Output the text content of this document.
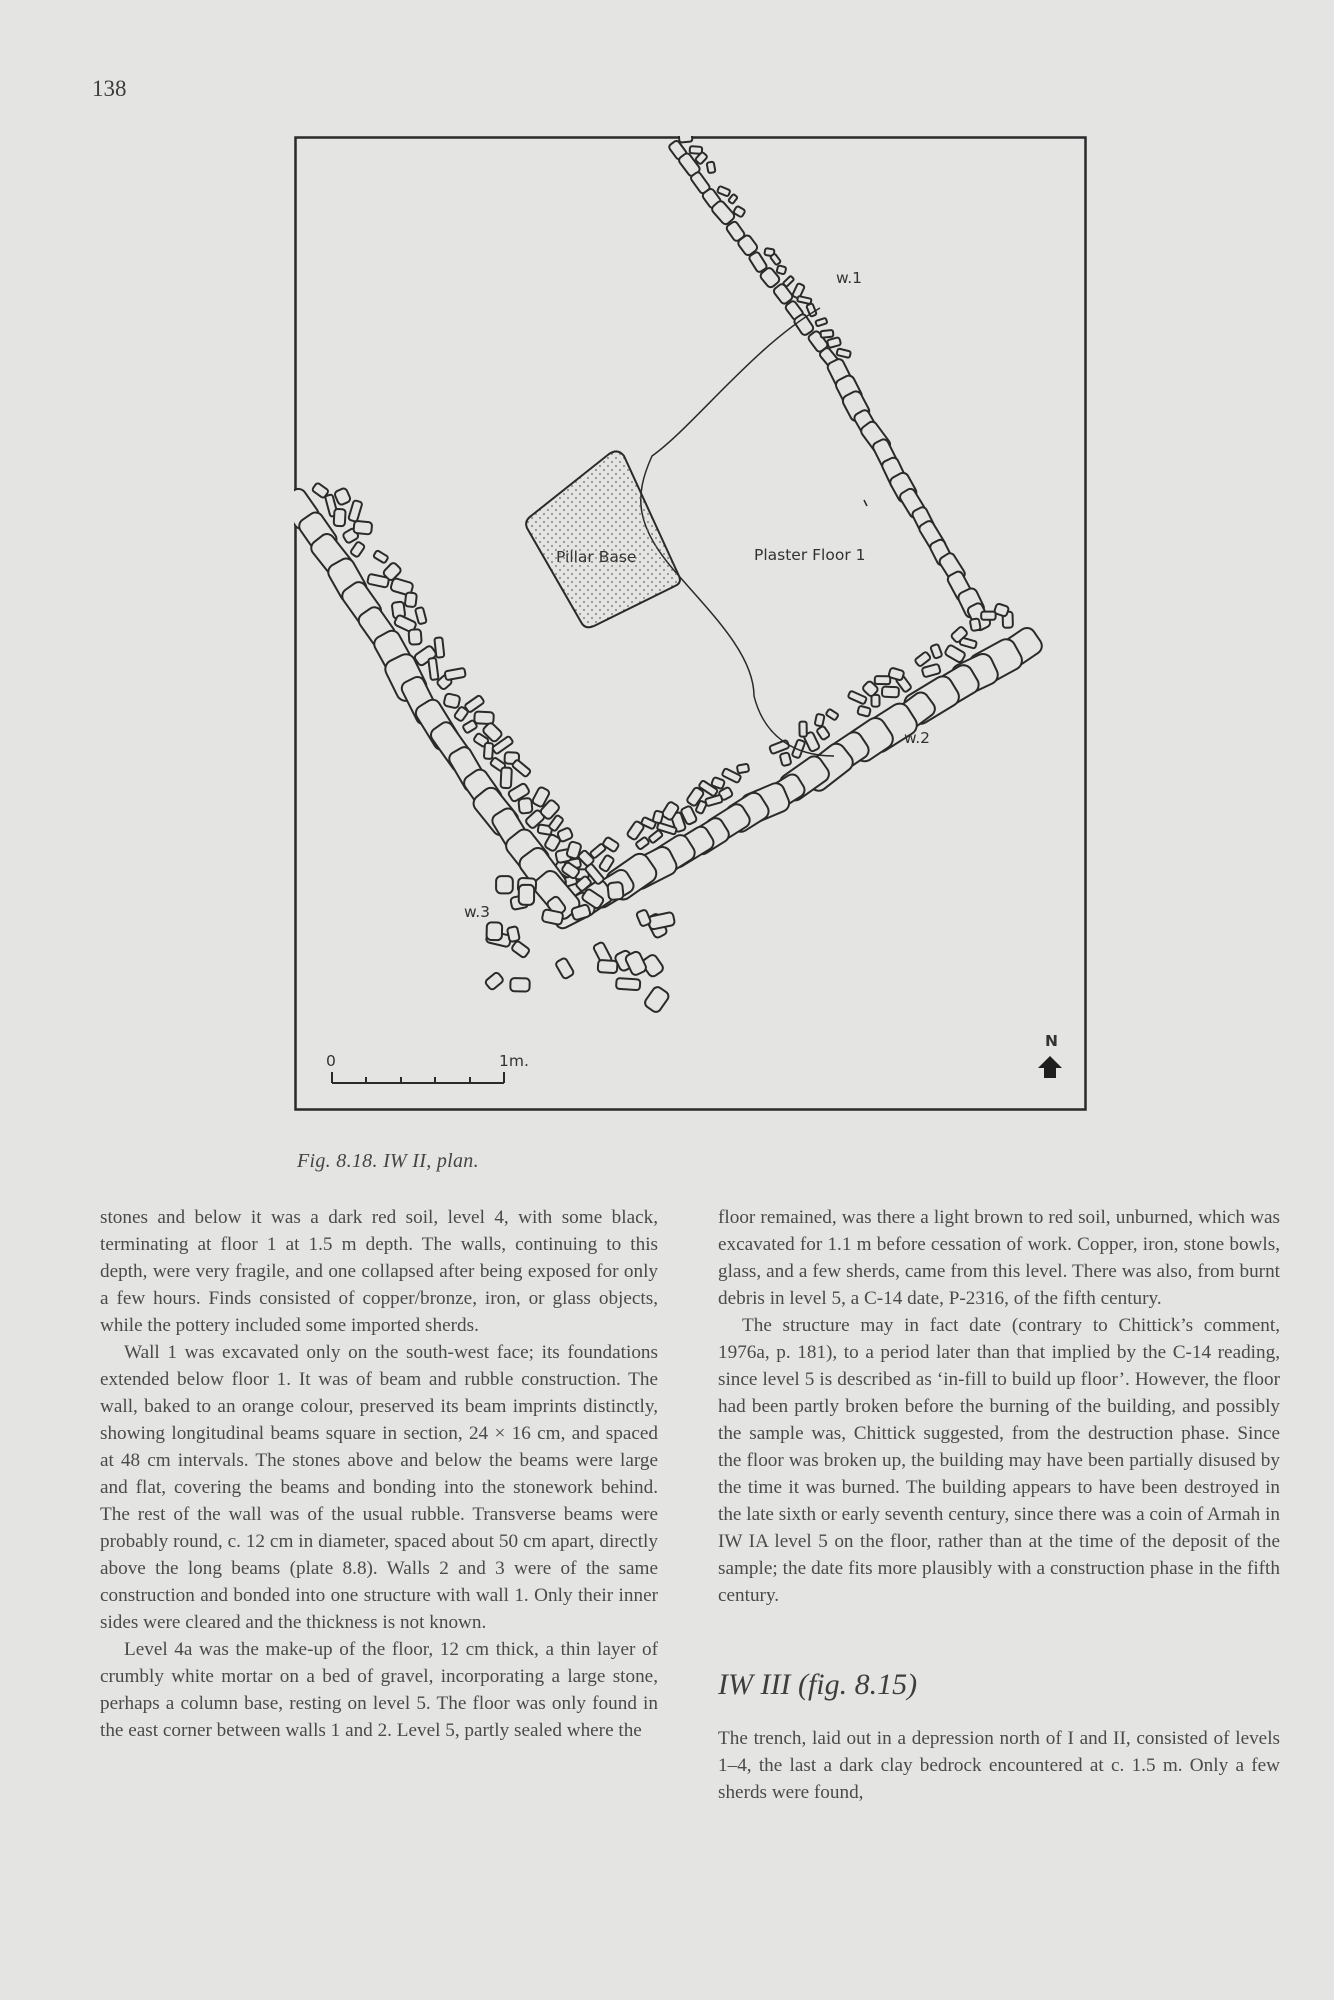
138
Pillar Base	Plaster Floor 1
w.1
w.2
w.3
0	1m.
N
Fig. 8.18. IW II, plan.

stones and below it was a dark red soil, level 4, with some black, terminating at floor 1 at 1.5 m depth. The walls, continuing to this depth, were very fragile, and one collapsed after being exposed for only a few hours. Finds consisted of copper/bronze, iron, or glass objects, while the pottery included some imported sherds.

Wall 1 was excavated only on the south-west face; its foundations extended below floor 1. It was of beam and rubble construction. The wall, baked to an orange colour, preserved its beam imprints distinctly, showing longitudinal beams square in section, 24 × 16 cm, and spaced at 48 cm intervals. The stones above and below the beams were large and flat, covering the beams and bonding into the stonework behind. The rest of the wall was of the usual rubble. Transverse beams were probably round, c. 12 cm in diameter, spaced about 50 cm apart, directly above the long beams (plate 8.8). Walls 2 and 3 were of the same construction and bonded into one structure with wall 1. Only their inner sides were cleared and the thickness is not known.

Level 4a was the make-up of the floor, 12 cm thick, a thin layer of crumbly white mortar on a bed of gravel, incorporating a large stone, perhaps a column base, resting on level 5. The floor was only found in the east corner between walls 1 and 2. Level 5, partly sealed where the

floor remained, was there a light brown to red soil, unburned, which was excavated for 1.1 m before cessation of work. Copper, iron, stone bowls, glass, and a few sherds, came from this level. There was also, from burnt debris in level 5, a C-14 date, P-2316, of the fifth century.

The structure may in fact date (contrary to Chittick’s comment, 1976a, p. 181), to a period later than that implied by the C-14 reading, since level 5 is described as ‘in-fill to build up floor’. However, the floor had been partly broken before the burning of the building, and possibly the sample was, Chittick suggested, from the destruction phase. Since the floor was broken up, the building may have been partially disused by the time it was burned. The building appears to have been destroyed in the late sixth or early seventh century, since there was a coin of Armah in IW IA level 5 on the floor, rather than at the time of the deposit of the sample; the date fits more plausibly with a construction phase in the fifth century.

IW III (fig. 8.15)

The trench, laid out in a depression north of I and II, consisted of levels 1–4, the last a dark clay bedrock encountered at c. 1.5 m. Only a few sherds were found,
